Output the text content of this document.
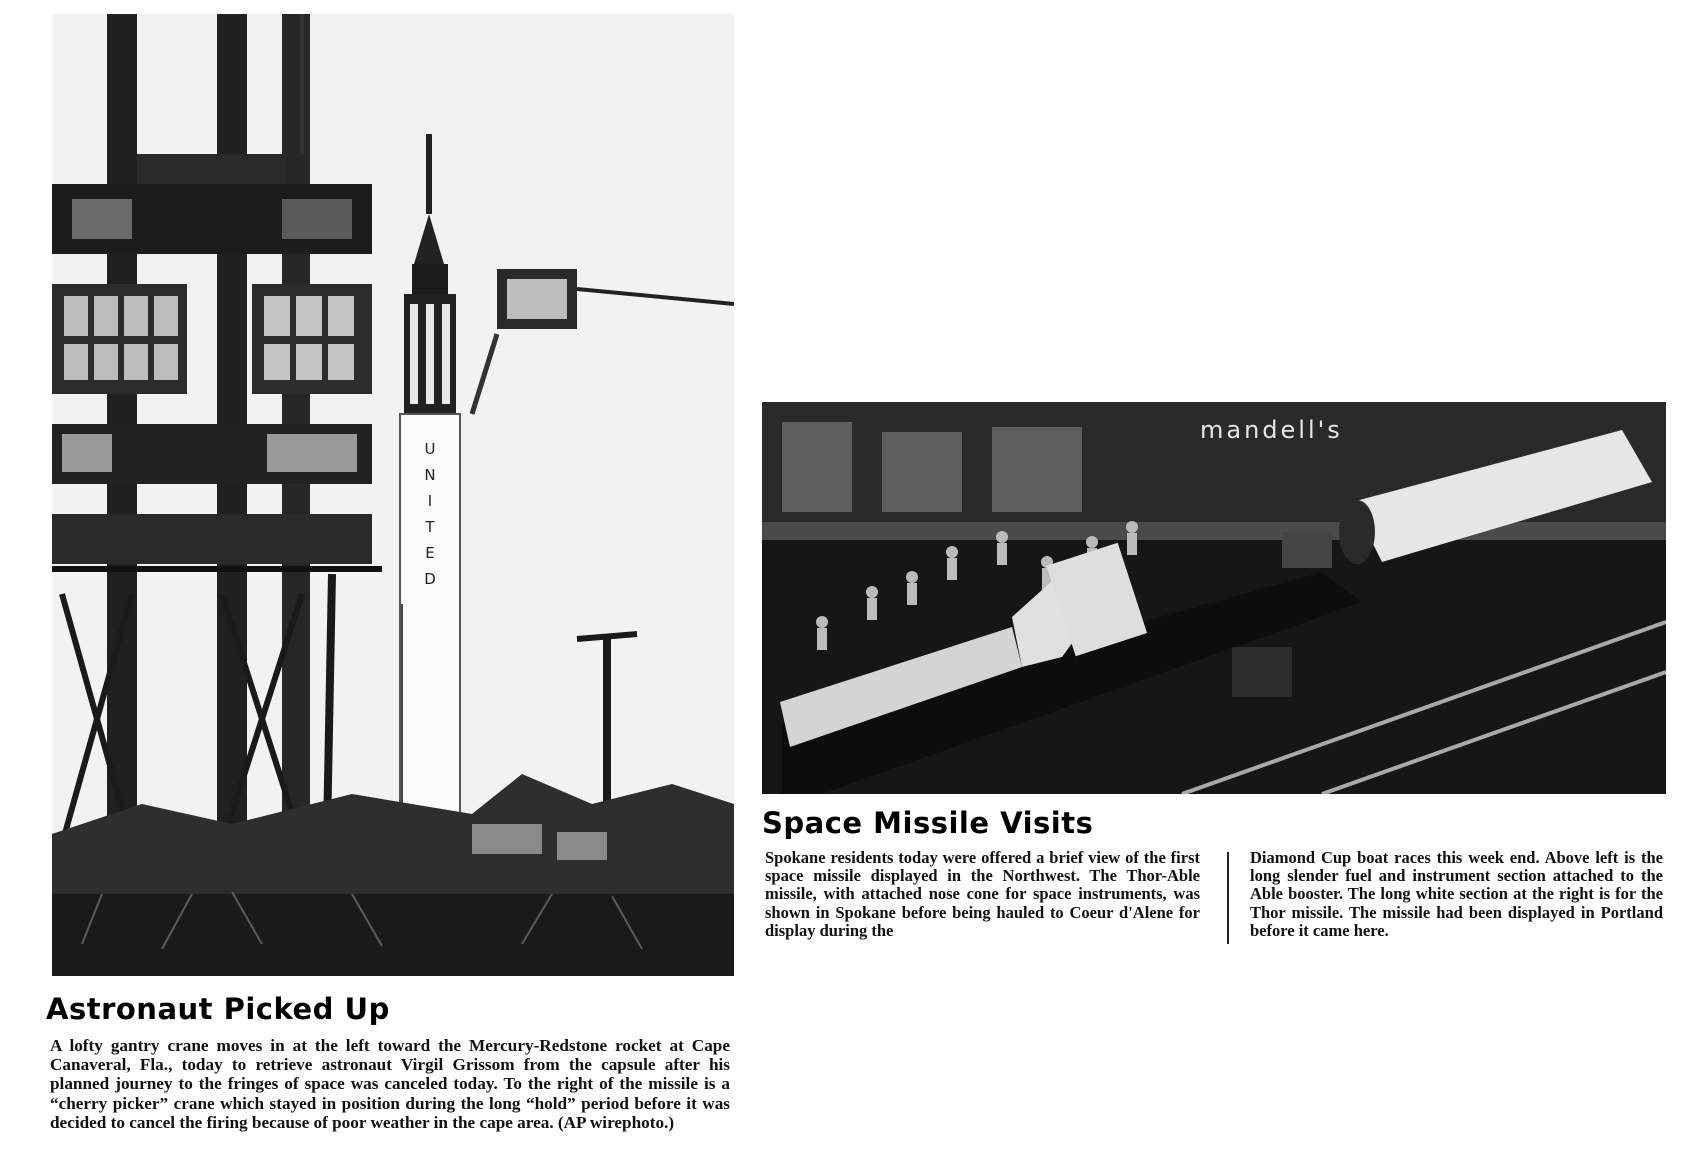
U
N
I
T
E
D
Astronaut Picked Up

A lofty gantry crane moves in at the left toward the Mercury-Redstone rocket at Cape Canaveral, Fla., today to retrieve astronaut Virgil Grissom from the capsule after his planned journey to the fringes of space was canceled today. To the right of the missile is a “cherry picker” crane which stayed in position during the long “hold” period before it was decided to cancel the firing because of poor weather in the cape area. (AP wirephoto.)

mandell's
Space Missile Visits

Spokane residents today were offered a brief view of the first space missile displayed in the Northwest. The Thor-Able missile, with attached nose cone for space instruments, was shown in Spokane before being hauled to Coeur d'Alene for display during the

Diamond Cup boat races this week end. Above left is the long slender fuel and instrument section attached to the Able booster. The long white section at the right is for the Thor missile. The missile had been displayed in Portland before it came here.
